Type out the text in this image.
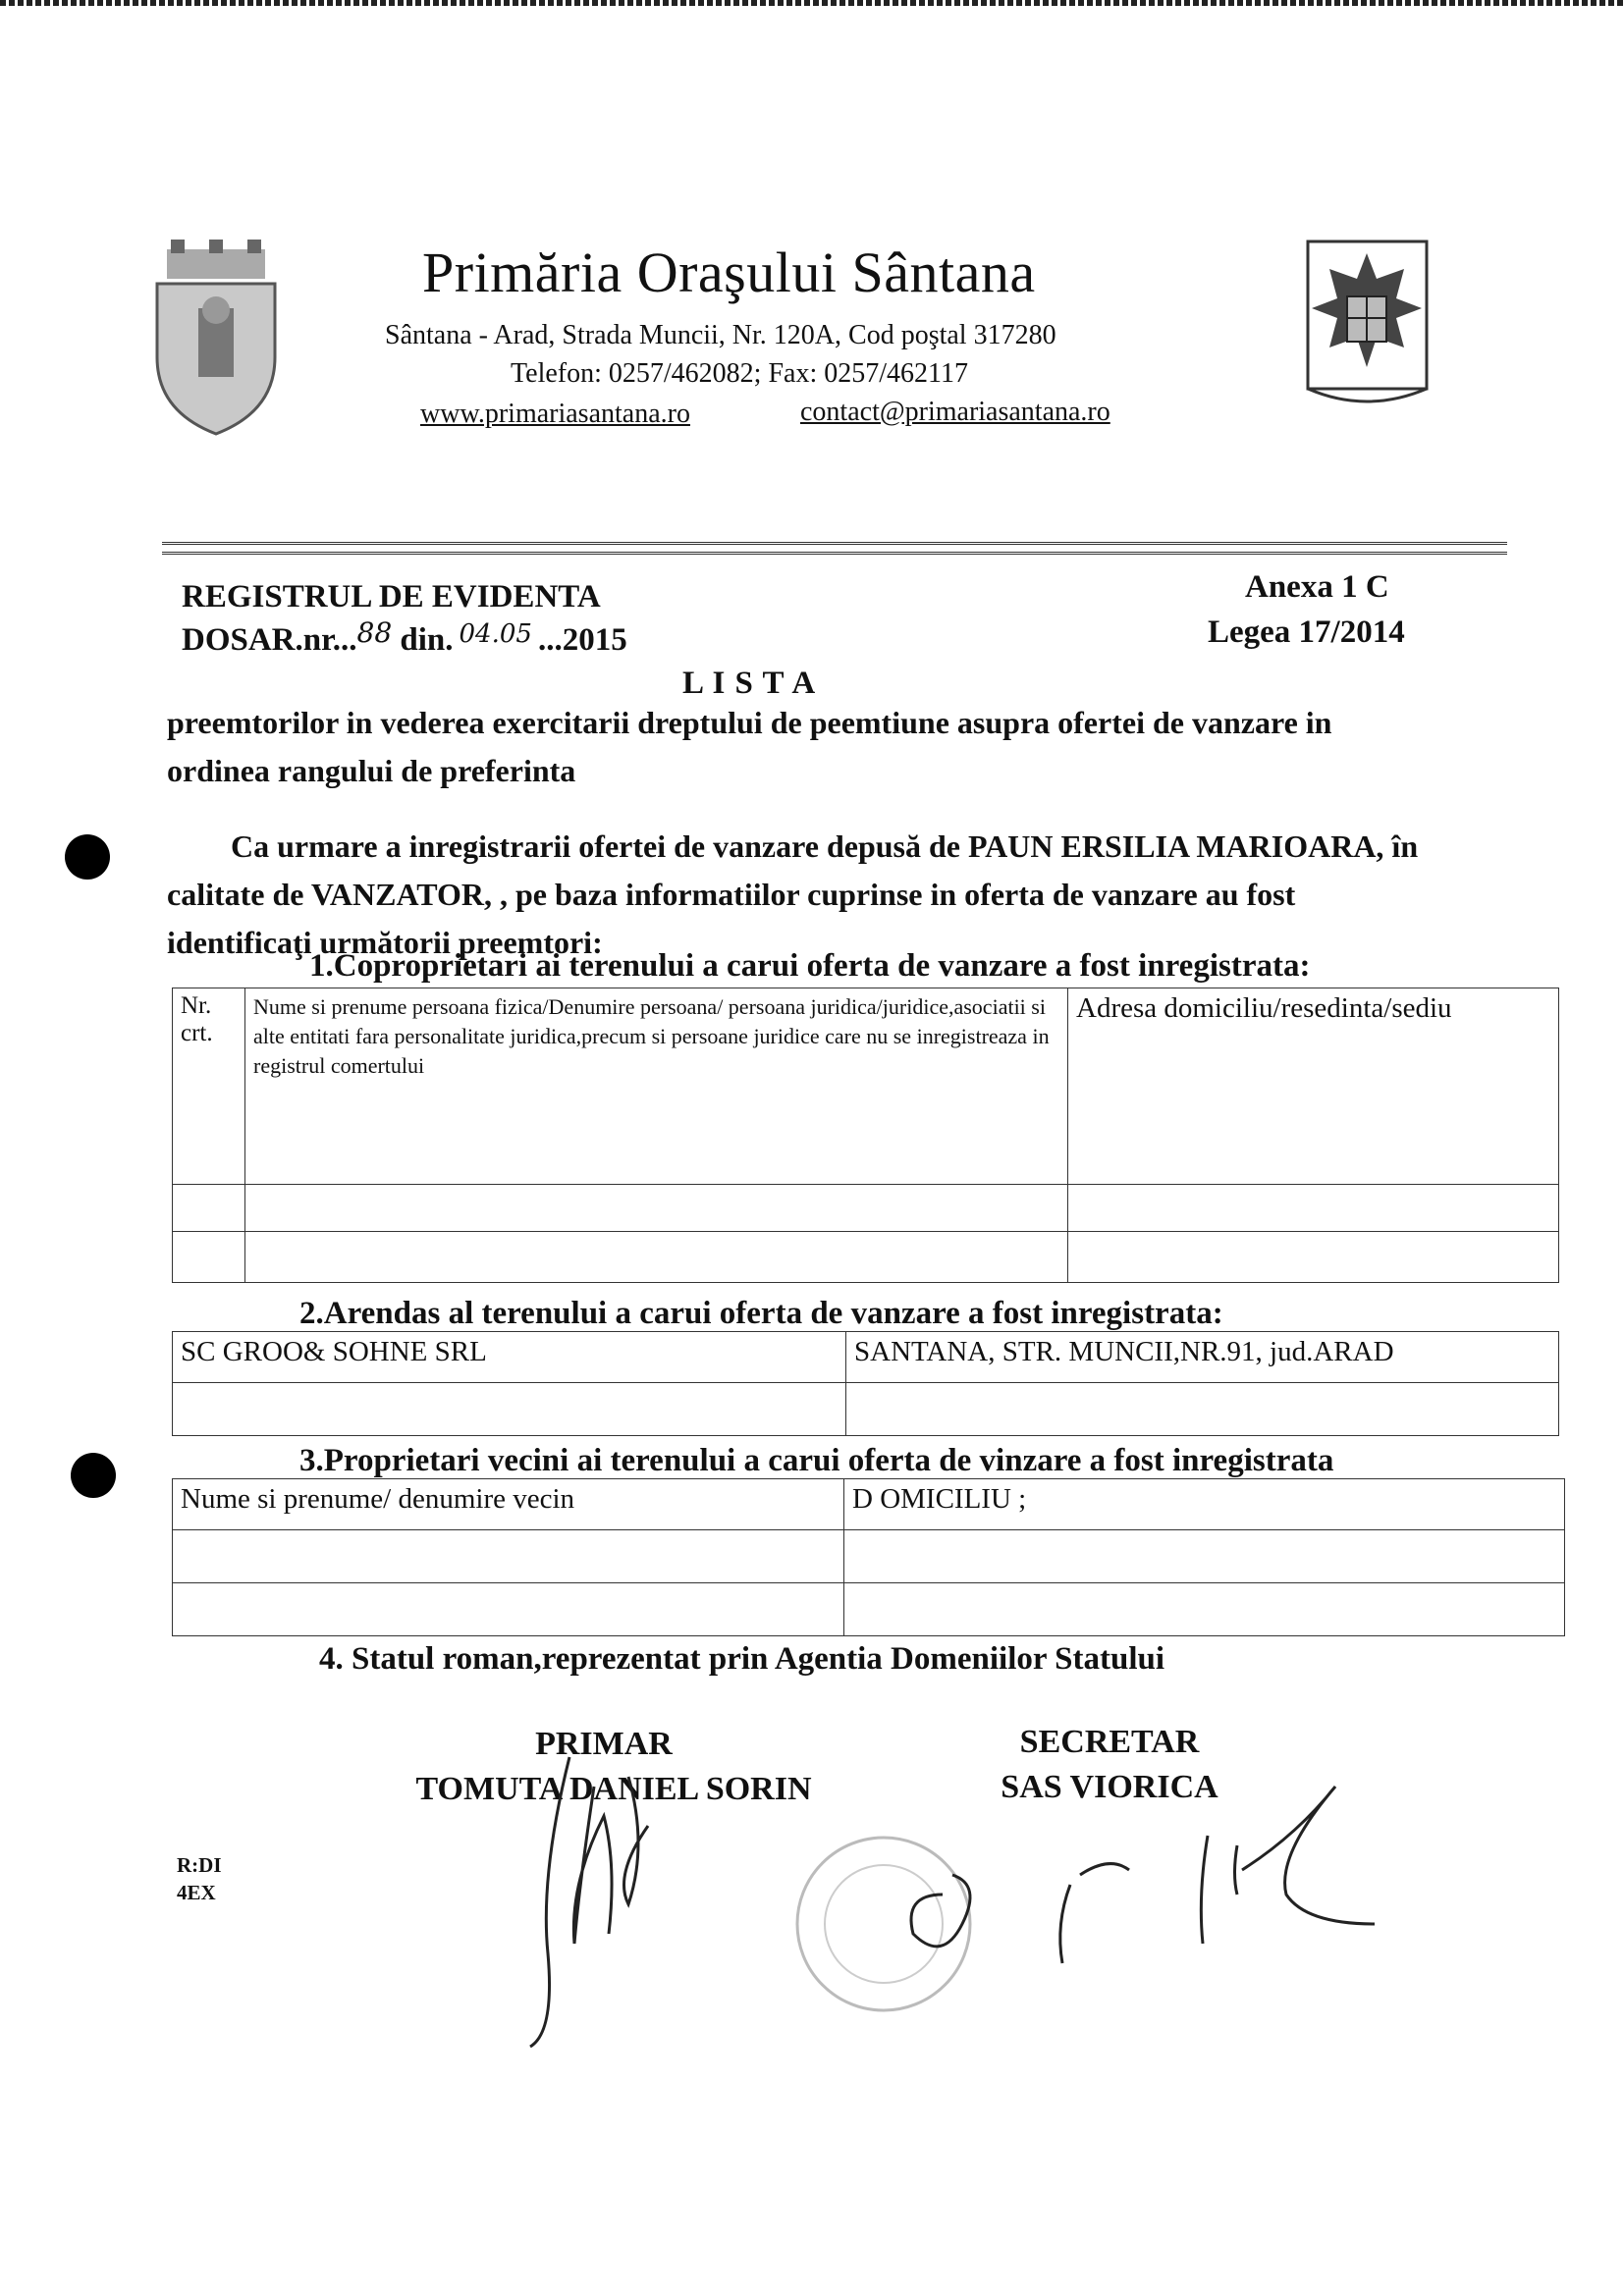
Primăria Oraşului Sântana
Sântana - Arad, Strada Muncii, Nr. 120A, Cod poştal 317280
Telefon: 0257/462082; Fax: 0257/462117
www.primariasantana.ro	contact@primariasantana.ro
REGISTRUL DE EVIDENTA
DOSAR.nr...$^{88}$ din. $^{04.05}$ ...2015
Anexa 1 C
Legea 17/2014
L I S T A
preemtorilor in vederea exercitarii dreptului de peemtiune asupra ofertei de vanzare in ordinea rangului de preferinta
Ca urmare a inregistrarii ofertei de vanzare depusă de PAUN ERSILIA MARIOARA, în calitate de VANZATOR, , pe baza informatiilor cuprinse in oferta de vanzare au fost identificaţi următorii preemtori:
1.Coproprietari ai terenului a carui oferta de vanzare a fost inregistrata:
Nr. crt.	Nume si prenume persoana fizica/Denumire persoana/ persoana juridica/juridice,asociatii si alte entitati fara personalitate juridica,precum si persoane juridice care nu se inregistreaza in registrul comertului	Adresa domiciliu/resedinta/sediu

2.Arendas al terenului a carui oferta de vanzare a fost inregistrata:
SC GROO& SOHNE SRL	SANTANA, STR. MUNCII,NR.91, jud.ARAD

3.Proprietari vecini ai terenului a carui oferta de vinzare a fost inregistrata
Nume si prenume/ denumire vecin	D OMICILIU ;

4. Statul roman,reprezentat prin Agentia Domeniilor Statului
PRIMAR
TOMUTA DANIEL SORIN
SECRETAR
SAS VIORICA
R:DI
4EX
